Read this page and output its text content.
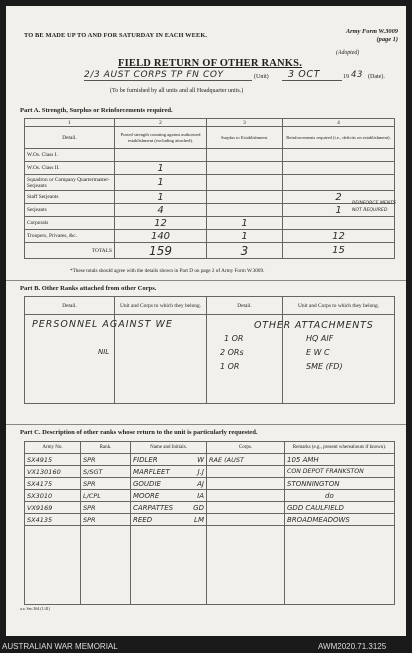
TO BE MADE UP TO AND FOR SATURDAY IN EACH WEEK.
Army Form W.3009
(page 1)
(Adopted)
FIELD RETURN OF OTHER RANKS.
2/3 AUST CORPS TP FN COY	(Unit) 3 OCT	19 43 (Date).
(To be furnished by all units and all Headquarter units.)
Part A. Strength, Surplus or Reinforcements required.
1	2	3	4
Detail.	Posted strength counting against authorised establishment (excluding attached).	Surplus to Establishment.	Reinforcements required (i.e., deficits on establishment).
W.Os. Class I.			
W.Os. Class II.	1		
Squadron or Company Quartermaster-Serjeants	1		
Staff Serjeants	1		2
Serjeants	4		1
Corporals	12	1	
Troopers, Privates, &c.	140	1	12
TOTALS	159	3	15
REINFORCE MENTS NOT REQUIRED
*These totals should agree with the details shown in Part D on page 2 of Army Form W.3009.
Part B. Other Ranks attached from other Corps.
Detail.	Unit and Corps to which they belong.	Detail.	Unit and Corps to which they belong.

PERSONNEL AGAINST WE
NIL
OTHER ATTACHMENTS
1 OR	HQ AIF
2 ORs	E W C
1 OR	SME (FD)
Part C. Description of other ranks whose return to the unit is particularly requested.
Army No.	Rank.	Name and Initials.	Corps.	Remarks (e.g., present whereabouts if known).
SX4915	SPR	FIDLER W	RAE (AUST	105 AMH
VX130160	S/SGT	MARFLEET J.J		CON DEPOT FRANKSTON
SX4175	SPR	GOUDIE AJ		STONNINGTON
SX3010	L/CPL	MOORE IA		do
VX9169	SPR	CARPATTES GD		GDD CAULFIELD
SX4135	SPR	REED LM		BROADMEADOWS

a.a. Sec.364 (1/41)
AUSTRALIAN WAR MEMORIAL	AWM2020.71.3125
